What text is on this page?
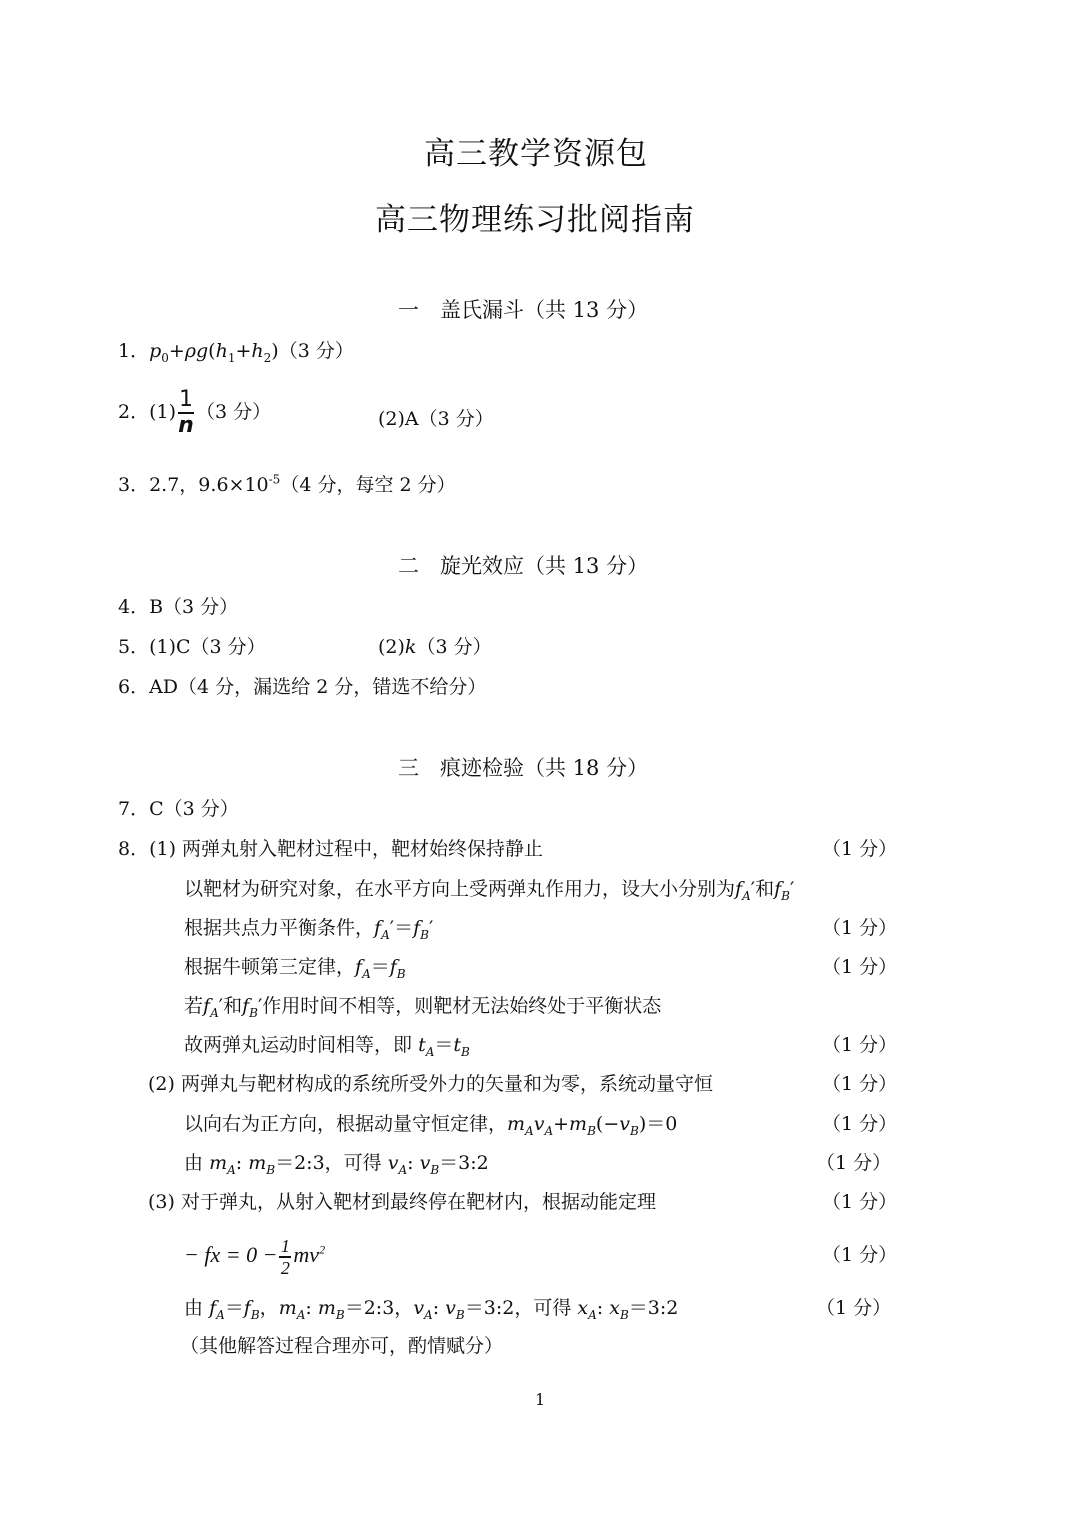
高三教学资源包
高三物理练习批阅指南
一　盖氏漏斗（共 13 分）
1．$p_0+\rho g(h_1+h_2)(3$ 分）
2．$(1) \frac{1}{n} (3$ 分）	(2)A（3 分）
3．2.7，$9.6\times 10^{-5}(4$ 分，每空 2 分）
二　旋光效应（共 13 分）
4．B（3 分）
5．(1)C（3 分）	(2)k（3 分）
6．AD（4 分，漏选给 2 分，错选不给分）
三　痕迹检验（共 18 分）
7．C（3 分）
8．(1) 两弹丸射入靶材过程中，靶材始终保持静止	（1 分）
以靶材为研究对象，在水平方向上受两弹丸作用力，设大小分别为$f_A'$和$f_B'$
根据共点力平衡条件，$f_A'=f_B'$	（1 分）
根据牛顿第三定律，$f_A=f_B$	（1 分）
若$f_A'$和$f_B'$作用时间不相等，则靶材无法始终处于平衡状态
故两弹丸运动时间相等，即 $t_A=t_B$	（1 分）
(2) 两弹丸与靶材构成的系统所受外力的矢量和为零，系统动量守恒	（1 分）
以向右为正方向，根据动量守恒定律，$m_Av_A+m_B(-v_B)=0$	（1 分）
由 $m_A$: $m_B=2:3$，可得 $v_A$: $v_B=3:2$	（1 分）
(3) 对于弹丸，从射入靶材到最终停在靶材内，根据动能定理	（1 分）
− fx = $0 - \frac{1}{2} mv^2$	（1 分）
由 $f_A=f_B$，$m_A$: $m_B=2:3$，$v_A$: $v_B=3:2$，可得 $x_A$: $x_B=3:2$	（1 分）
（其他解答过程合理亦可，酌情赋分）
1
